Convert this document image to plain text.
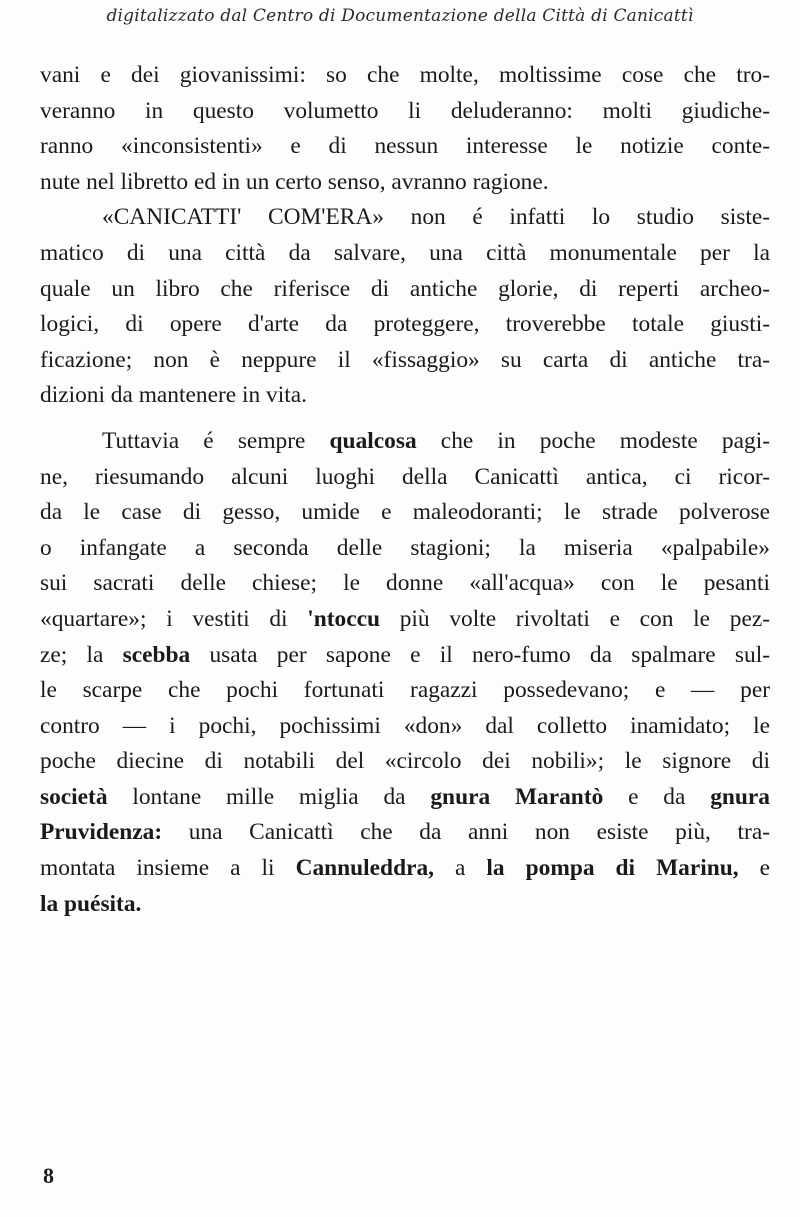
digitalizzato dal Centro di Documentazione della Città di Canicattì
vani e dei giovanissimi: so che molte, moltissime cose che tro-
veranno in questo volumetto li deluderanno: molti giudiche-
ranno «inconsistenti» e di nessun interesse le notizie conte-
nute nel libretto ed in un certo senso, avranno ragione.
«CANICATTI' COM'ERA» non é infatti lo studio siste-
matico di una città da salvare, una città monumentale per la
quale un libro che riferisce di antiche glorie, di reperti archeo-
logici, di opere d'arte da proteggere, troverebbe totale giusti-
ficazione; non è neppure il «fissaggio» su carta di antiche tra-
dizioni da mantenere in vita.
Tuttavia é sempre qualcosa che in poche modeste pagi-
ne, riesumando alcuni luoghi della Canicattì antica, ci ricor-
da le case di gesso, umide e maleodoranti; le strade polverose
o infangate a seconda delle stagioni; la miseria «palpabile»
sui sacrati delle chiese; le donne «all'acqua» con le pesanti
«quartare»; i vestiti di 'ntoccu più volte rivoltati e con le pez-
ze; la scebba usata per sapone e il nero-fumo da spalmare sul-
le scarpe che pochi fortunati ragazzi possedevano; e — per
contro — i pochi, pochissimi «don» dal colletto inamidato; le
poche diecine di notabili del «circolo dei nobili»; le signore di
società lontane mille miglia da gnura Marantò e da gnura
Pruvidenza: una Canicattì che da anni non esiste più, tra-
montata insieme a li Cannuleddra, a la pompa di Marinu, e
la puésita.
8
